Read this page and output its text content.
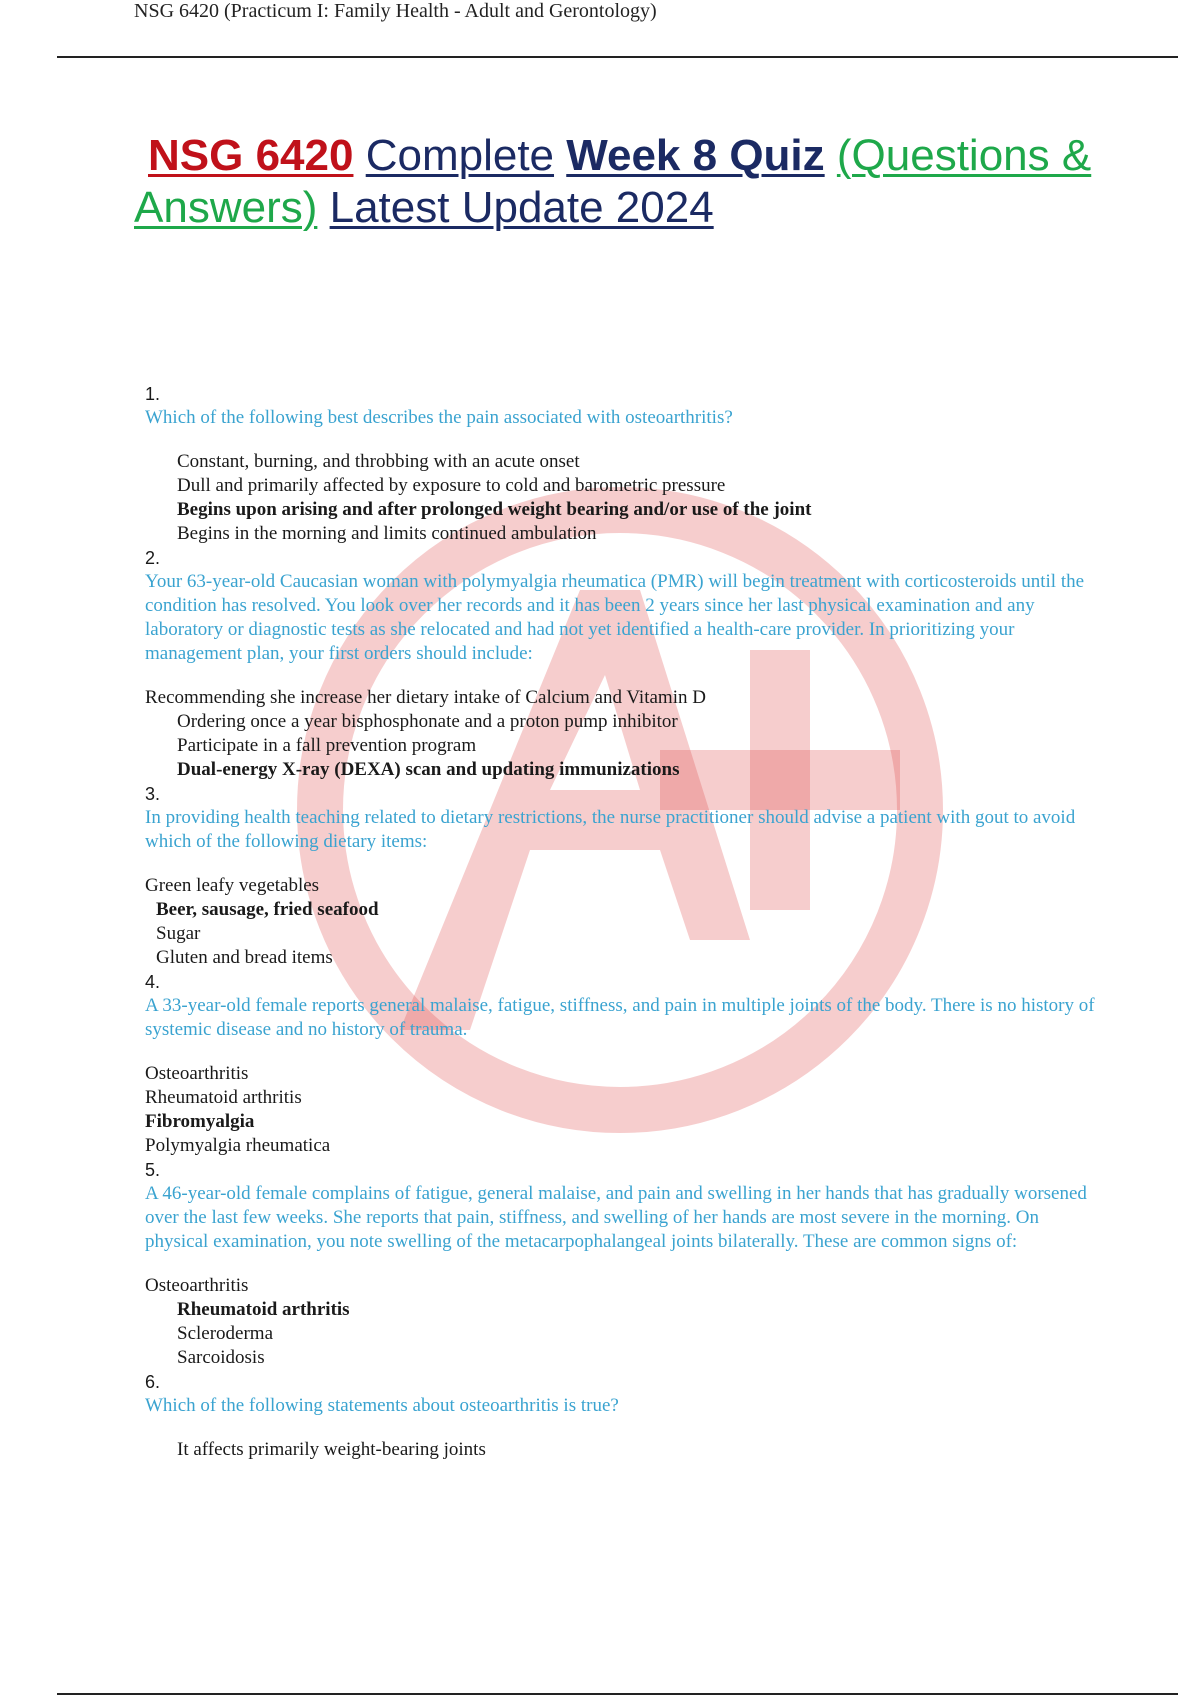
NSG 6420 (Practicum I: Family Health - Adult and Gerontology)
NSG 6420 Complete Week 8 Quiz (Questions & Answers) Latest Update 2024
1.
Which of the following best describes the pain associated with osteoarthritis?
Constant, burning, and throbbing with an acute onset
Dull and primarily affected by exposure to cold and barometric pressure
Begins upon arising and after prolonged weight bearing and/or use of the joint
Begins in the morning and limits continued ambulation
2.
Your 63-year-old Caucasian woman with polymyalgia rheumatica (PMR) will begin treatment with corticosteroids until the condition has resolved. You look over her records and it has been 2 years since her last physical examination and any laboratory or diagnostic tests as she relocated and had not yet identified a health-care provider. In prioritizing your management plan, your first orders should include:
Recommending she increase her dietary intake of Calcium and Vitamin D
Ordering once a year bisphosphonate and a proton pump inhibitor
Participate in a fall prevention program
Dual-energy X-ray (DEXA) scan and updating immunizations
3.
In providing health teaching related to dietary restrictions, the nurse practitioner should advise a patient with gout to avoid which of the following dietary items:
Green leafy vegetables
Beer, sausage, fried seafood
Sugar
Gluten and bread items
4.
A 33-year-old female reports general malaise, fatigue, stiffness, and pain in multiple joints of the body. There is no history of systemic disease and no history of trauma.
Osteoarthritis
Rheumatoid arthritis
Fibromyalgia
Polymyalgia rheumatica
5.
A 46-year-old female complains of fatigue, general malaise, and pain and swelling in her hands that has gradually worsened over the last few weeks. She reports that pain, stiffness, and swelling of her hands are most severe in the morning. On physical examination, you note swelling of the metacarpophalangeal joints bilaterally. These are common signs of:
Osteoarthritis
Rheumatoid arthritis
Scleroderma
Sarcoidosis
6.
Which of the following statements about osteoarthritis is true?
It affects primarily weight-bearing joints
